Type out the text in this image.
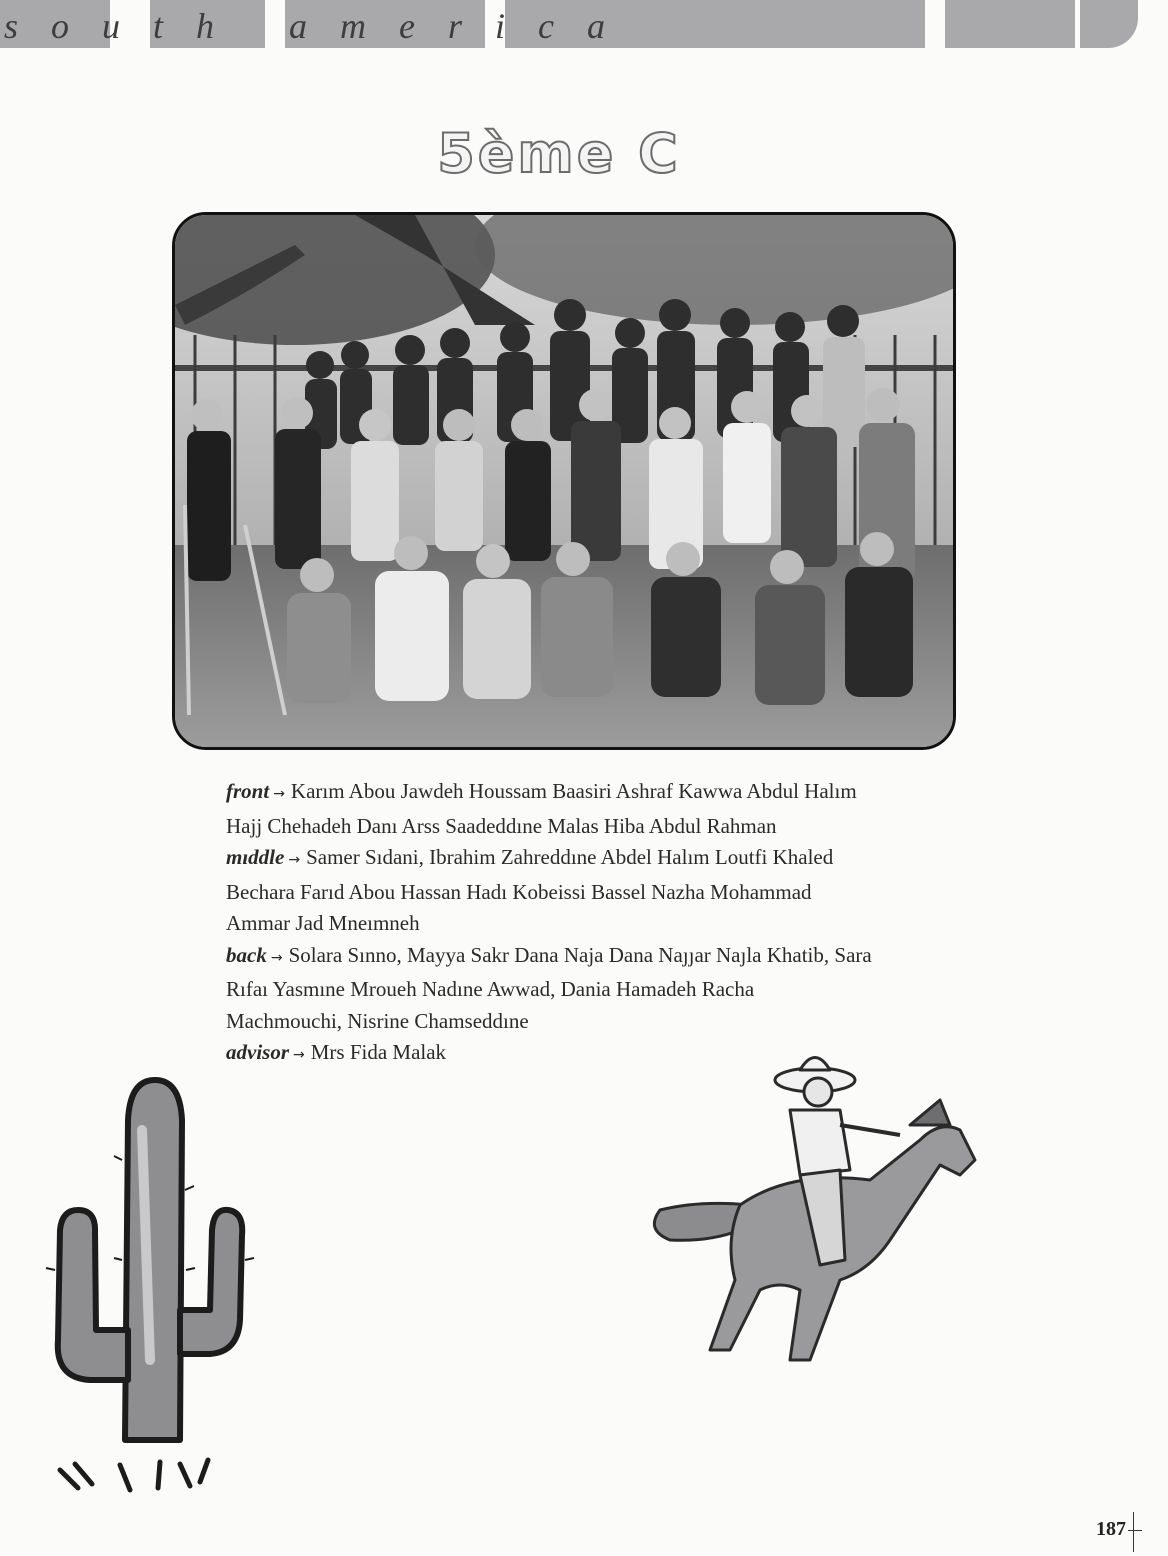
south america
5ème C
front → Karım Abou Jawdeh Houssam Baasiri Ashraf Kawwa Abdul Halım
Hajj Chehadeh Danı Arss Saadeddıne Malas Hiba Abdul Rahman
mıddle → Samer Sıdani, Ibrahim Zahreddıne Abdel Halım Loutfi Khaled
Bechara Farıd Abou Hassan Hadı Kobeissi Bassel Nazha Mohammad
Ammar Jad Mneımneh
back → Solara Sınno, Mayya Sakr Dana Naja Dana Naȷȷar Naȷla Khatib, Sara
Rıfaı Yasmıne Mroueh Nadıne Awwad, Dania Hamadeh Racha
Machmouchi, Nisrine Chamseddıne
advisor → Mrs Fida Malak
187
